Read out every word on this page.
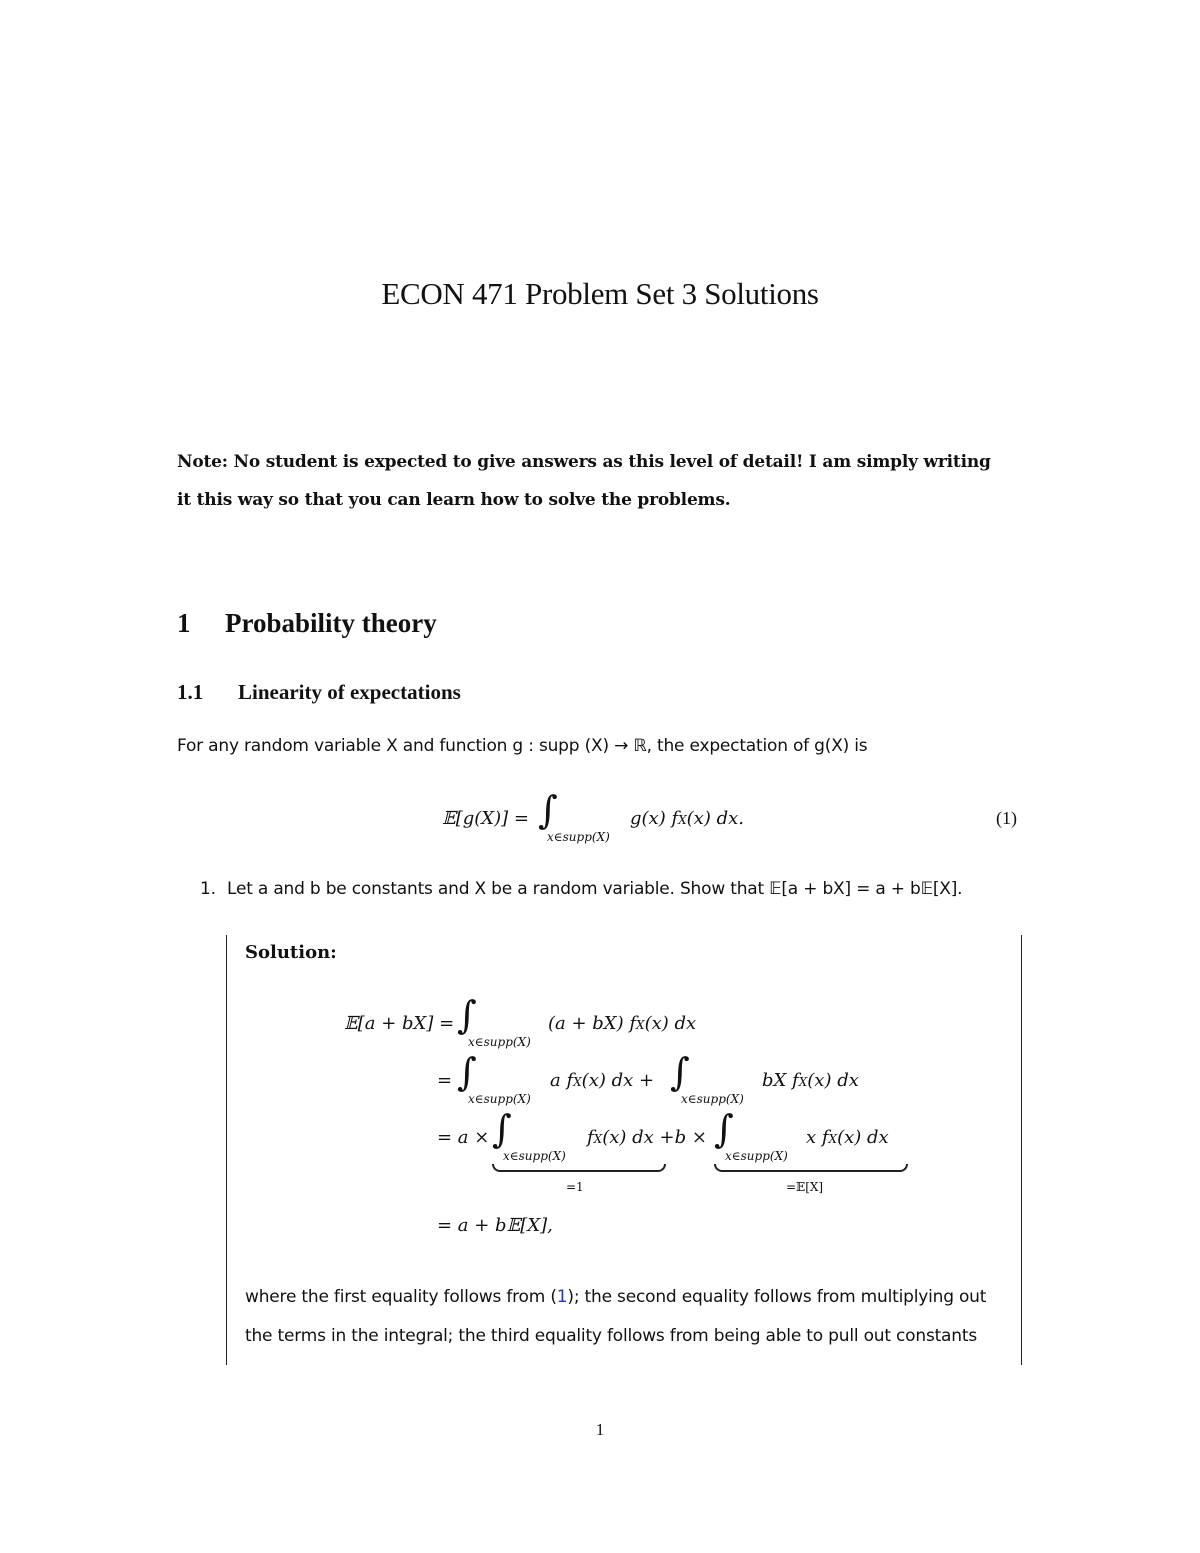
ECON 471 Problem Set 3 Solutions
Note: No student is expected to give answers as this level of detail! I am simply writing
it this way so that you can learn how to solve the problems.
1 Probability theory
1.1 Linearity of expectations
For any random variable X and function g : supp (X) → ℝ, the expectation of g(X) is
𝔼[g(X)] = ∫
x∈supp(X)
g(x) fX(x) dx.	(1)
1. Let a and b be constants and X be a random variable. Show that 𝔼[a + bX] = a + b𝔼[X].
Solution:
𝔼[a + bX] = ∫
x∈supp(X)
(a + bX) fX(x) dx
= ∫
x∈supp(X)
a fX(x) dx + ∫
x∈supp(X)
bX fX(x) dx
= a × ∫
x∈supp(X)
fX(x) dx +b × ∫
x∈supp(X)
x fX(x) dx
=1	=𝔼[X]
= a + b𝔼[X],
where the first equality follows from (1); the second equality follows from multiplying out
the terms in the integral; the third equality follows from being able to pull out constants
1
